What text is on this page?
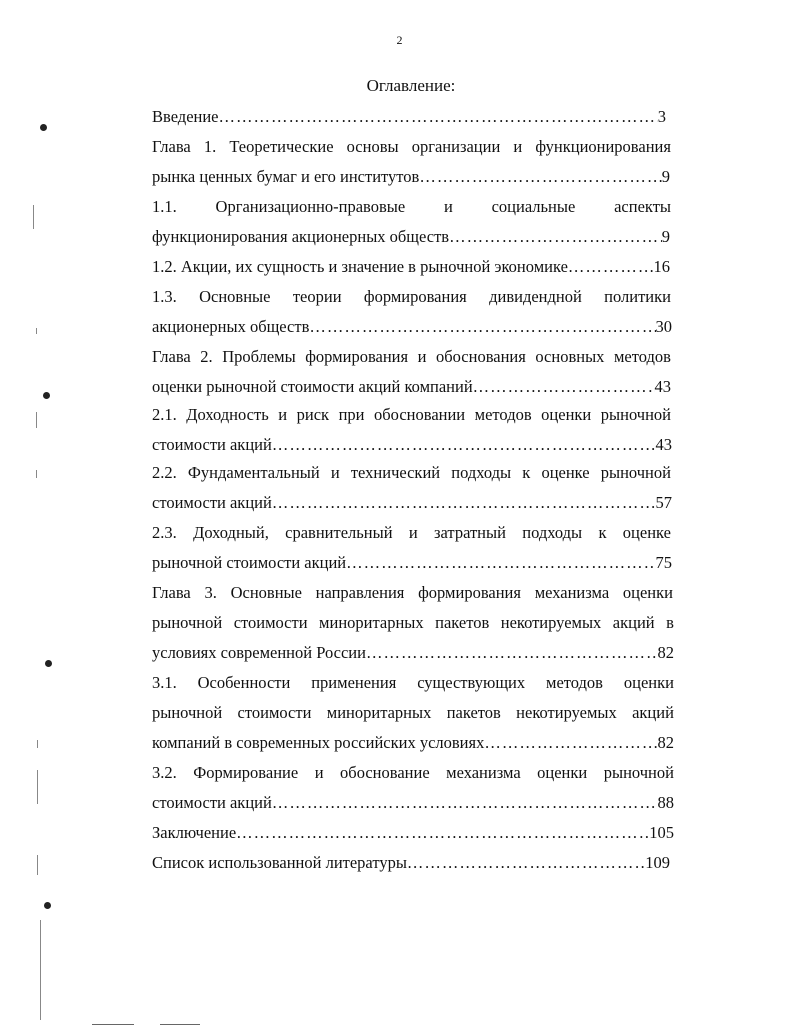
2
Оглавление:
Введение …………………………………………………………………………………………………………………………………………	3
Глава 1. Теоретические основы организации и функционирования
рынка ценных бумаг и его институтов …………………………………………………………………………………………………………………………………………	9
1.1. Организационно-правовые и социальные аспекты
функционирования акционерных обществ …………………………………………………………………………………………………………………………………………	9
1.2. Акции, их сущность и значение в рыночной экономике …………………………………………………………………………………………………………………………………………	16
1.3. Основные теории формирования дивидендной политики
акционерных обществ …………………………………………………………………………………………………………………………………………	30
Глава 2. Проблемы формирования и обоснования основных методов
оценки рыночной стоимости акций компаний …………………………………………………………………………………………………………………………………………	43
2.1. Доходность и риск при обосновании методов оценки рыночной
стоимости акций …………………………………………………………………………………………………………………………………………	43
2.2. Фундаментальный и технический подходы к оценке рыночной
стоимости акций …………………………………………………………………………………………………………………………………………	57
2.3. Доходный, сравнительный и затратный подходы к оценке
рыночной стоимости акций …………………………………………………………………………………………………………………………………………	75
Глава 3. Основные направления формирования механизма оценки
рыночной стоимости миноритарных пакетов некотируемых акций в
условиях современной России …………………………………………………………………………………………………………………………………………	82
3.1. Особенности применения существующих методов оценки
рыночной стоимости миноритарных пакетов некотируемых акций
компаний в современных российских условиях …………………………………………………………………………………………………………………………………………	82
3.2. Формирование и обоснование механизма оценки рыночной
стоимости акций …………………………………………………………………………………………………………………………………………	88
Заключение …………………………………………………………………………………………………………………………………………	105
Список использованной литературы …………………………………………………………………………………………………………………………………………	109
